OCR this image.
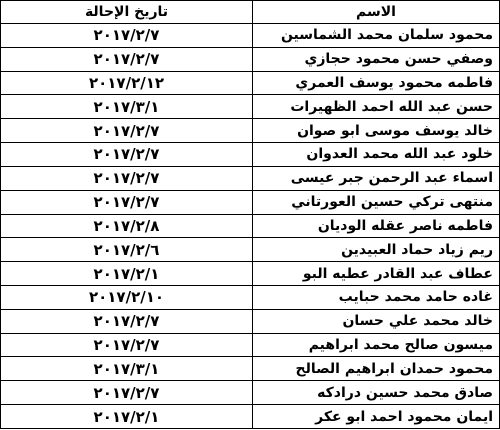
الاسم	تاريخ الإحالة
محمود سلمان محمد الشماسين	٢٠١٧/٢/٧
وصفي حسن محمود حجازي	٢٠١٧/٢/٧
فاطمه محمود يوسف العمري	٢٠١٧/٢/١٢
حسن عبد الله احمد الظهيرات	٢٠١٧/٣/١
خالد يوسف موسى ابو صوان	٢٠١٧/٢/٧
خلود عبد الله محمد العدوان	٢٠١٧/٢/٧
اسماء عبد الرحمن جبر عيسى	٢٠١٧/٢/٧
منتهى تركي حسين العورتاني	٢٠١٧/٢/٧
فاطمه ناصر عقله الوديان	٢٠١٧/٢/٨
ريم زياد حماد العبيدين	٢٠١٧/٢/٦
عطاف عبد القادر عطيه البو	٢٠١٧/٢/١
غاده حامد محمد حبايب	٢٠١٧/٢/١٠
خالد محمد علي حسان	٢٠١٧/٢/٧
ميسون صالح محمد ابراهيم	٢٠١٧/٢/٧
محمود حمدان ابراهيم الصالح	٢٠١٧/٣/١
صادق محمد حسين درادكه	٢٠١٧/٢/٧
ايمان محمود احمد ابو عكر	٢٠١٧/٢/١
